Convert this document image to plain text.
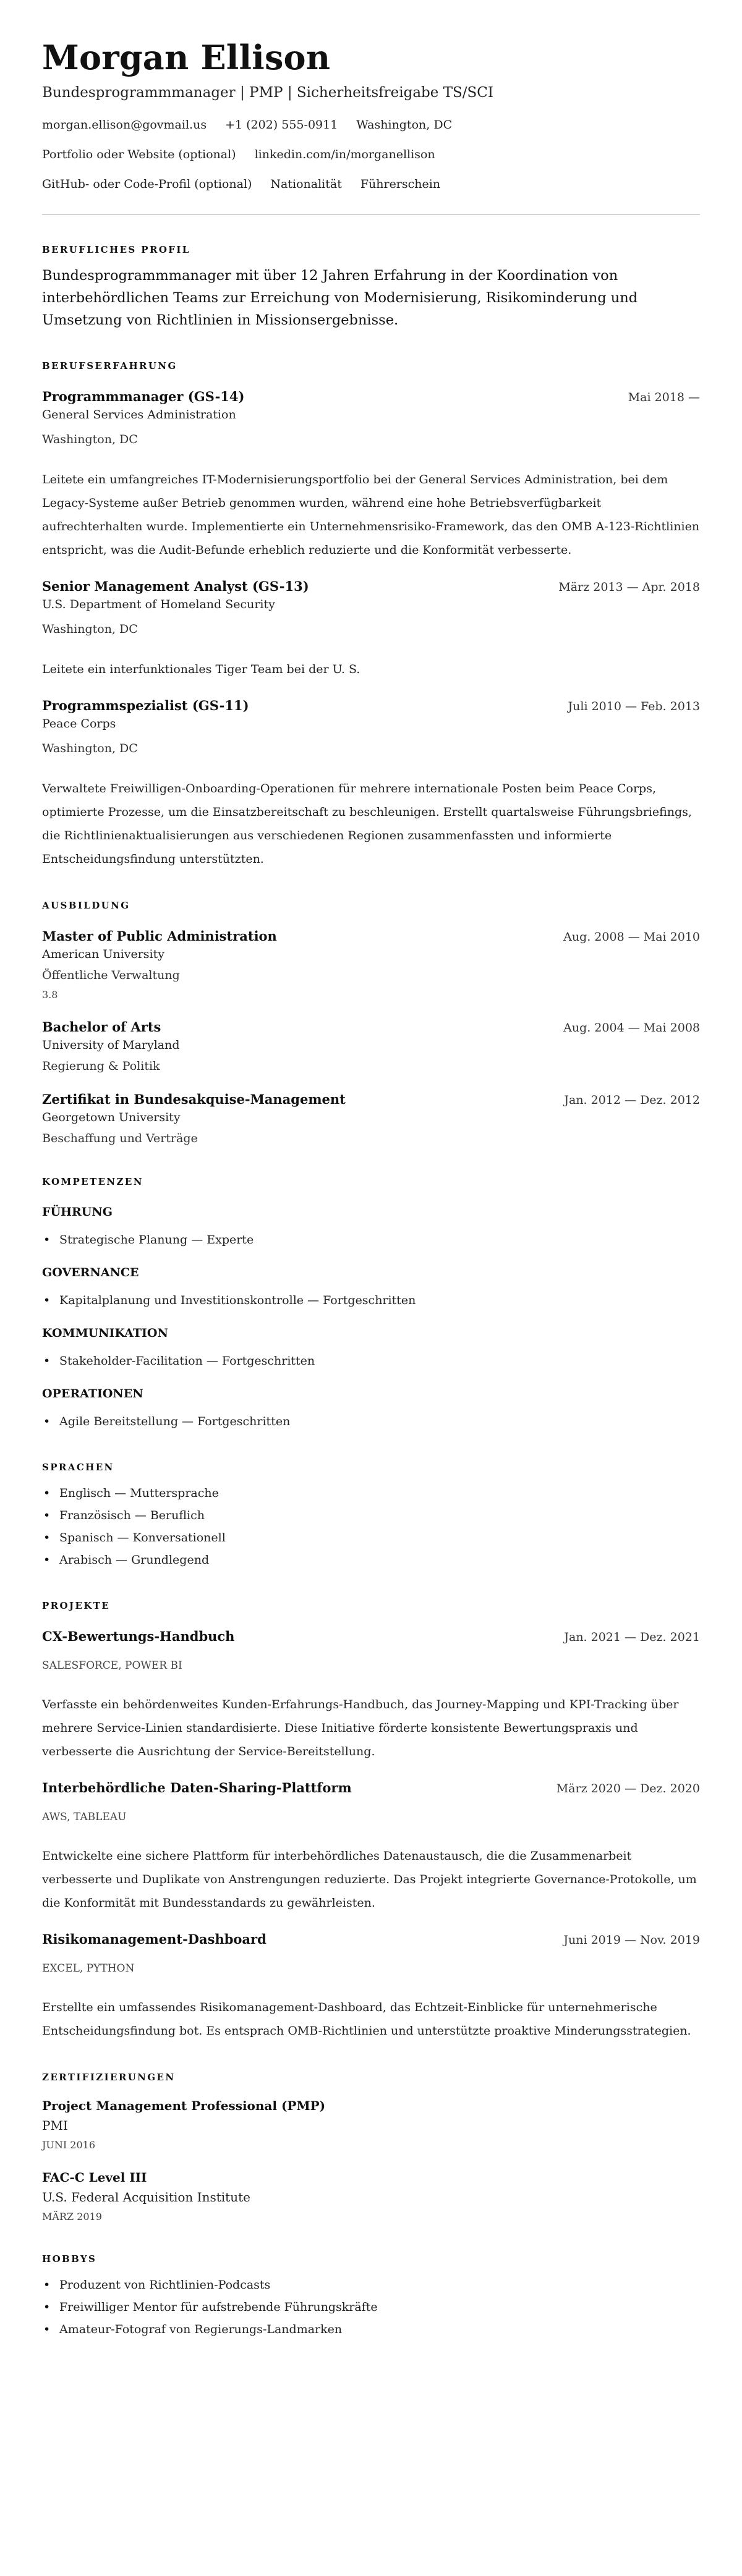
Morgan Ellison
Bundesprogrammmanager | PMP | Sicherheitsfreigabe TS/SCI
morgan.ellison@govmail.us +1 (202) 555-0911 Washington, DC
Portfolio oder Website (optional) linkedin.com/in/morganellison
GitHub- oder Code-Profil (optional) Nationalität Führerschein
BERUFLICHES PROFIL

Bundesprogrammmanager mit über 12 Jahren Erfahrung in der Koordination von interbehördlichen Teams zur Erreichung von Modernisierung, Risikominderung und Umsetzung von Richtlinien in Missionsergebnisse.

BERUFSERFAHRUNG
Programmmanager (GS-14)	Mai 2018 —
General Services Administration
Washington, DC

Leitete ein umfangreiches IT-Modernisierungsportfolio bei der General Services Administration, bei dem Legacy-Systeme außer Betrieb genommen wurden, während eine hohe Betriebsverfügbarkeit aufrechterhalten wurde. Implementierte ein Unternehmensrisiko-Framework, das den OMB A-123-Richtlinien entspricht, was die Audit-Befunde erheblich reduzierte und die Konformität verbesserte.

Senior Management Analyst (GS-13)	März 2013 — Apr. 2018
U.S. Department of Homeland Security
Washington, DC

Leitete ein interfunktionales Tiger Team bei der U. S.

Programmspezialist (GS-11)	Juli 2010 — Feb. 2013
Peace Corps
Washington, DC

Verwaltete Freiwilligen-Onboarding-Operationen für mehrere internationale Posten beim Peace Corps, optimierte Prozesse, um die Einsatzbereitschaft zu beschleunigen. Erstellt quartalsweise Führungsbriefings, die Richtlinienaktualisierungen aus verschiedenen Regionen zusammenfassten und informierte Entscheidungsfindung unterstützten.

AUSBILDUNG
Master of Public Administration	Aug. 2008 — Mai 2010
American University
Öffentliche Verwaltung
3.8
Bachelor of Arts	Aug. 2004 — Mai 2008
University of Maryland
Regierung & Politik
Zertifikat in Bundesakquise-Management	Jan. 2012 — Dez. 2012
Georgetown University
Beschaffung und Verträge
KOMPETENZEN
FÜHRUNG
• Strategische Planung — Experte
GOVERNANCE
• Kapitalplanung und Investitionskontrolle — Fortgeschritten
KOMMUNIKATION
• Stakeholder-Facilitation — Fortgeschritten
OPERATIONEN
• Agile Bereitstellung — Fortgeschritten
SPRACHEN
• Englisch — Muttersprache
• Französisch — Beruflich
• Spanisch — Konversationell
• Arabisch — Grundlegend
PROJEKTE
CX-Bewertungs-Handbuch	Jan. 2021 — Dez. 2021
SALESFORCE, POWER BI

Verfasste ein behördenweites Kunden-Erfahrungs-Handbuch, das Journey-Mapping und KPI-Tracking über mehrere Service-Linien standardisierte. Diese Initiative förderte konsistente Bewertungspraxis und verbesserte die Ausrichtung der Service-Bereitstellung.

Interbehördliche Daten-Sharing-Plattform	März 2020 — Dez. 2020
AWS, TABLEAU

Entwickelte eine sichere Plattform für interbehördliches Datenaustausch, die die Zusammenarbeit verbesserte und Duplikate von Anstrengungen reduzierte. Das Projekt integrierte Governance-Protokolle, um die Konformität mit Bundesstandards zu gewährleisten.

Risikomanagement-Dashboard	Juni 2019 — Nov. 2019
EXCEL, PYTHON

Erstellte ein umfassendes Risikomanagement-Dashboard, das Echtzeit-Einblicke für unternehmerische Entscheidungsfindung bot. Es entsprach OMB-Richtlinien und unterstützte proaktive Minderungsstrategien.

ZERTIFIZIERUNGEN
Project Management Professional (PMP)
PMI
JUNI 2016
FAC-C Level III
U.S. Federal Acquisition Institute
MÄRZ 2019
HOBBYS
• Produzent von Richtlinien-Podcasts
• Freiwilliger Mentor für aufstrebende Führungskräfte
• Amateur-Fotograf von Regierungs-Landmarken
